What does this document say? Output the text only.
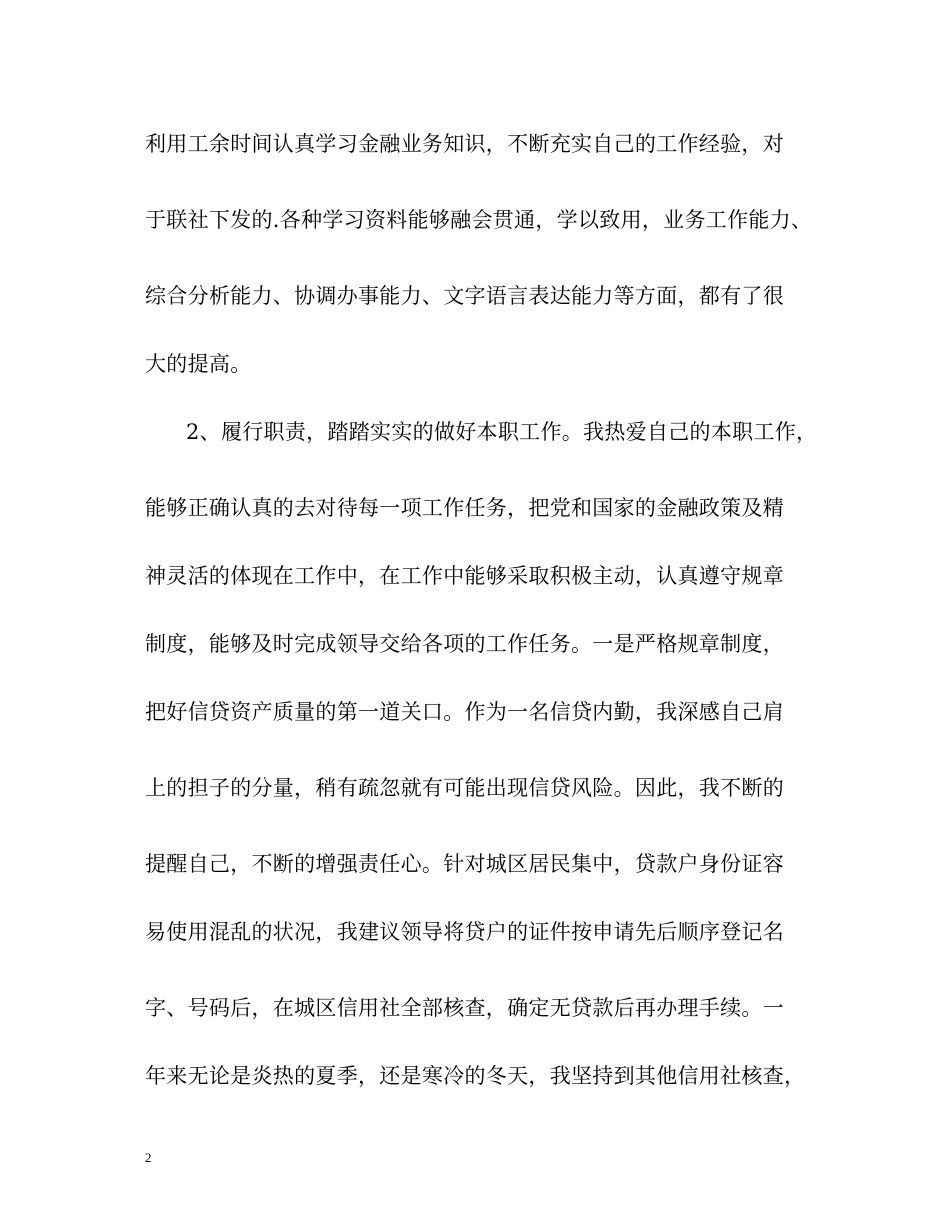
利用工余时间认真学习金融业务知识，不断充实自己的工作经验，对
于联社下发的.各种学习资料能够融会贯通，学以致用，业务工作能力、
综合分析能力、协调办事能力、文字语言表达能力等方面，都有了很
大的提高。
2、履行职责，踏踏实实的做好本职工作。我热爱自己的本职工作，
能够正确认真的去对待每一项工作任务，把党和国家的金融政策及精
神灵活的体现在工作中，在工作中能够采取积极主动，认真遵守规章
制度，能够及时完成领导交给各项的工作任务。一是严格规章制度，
把好信贷资产质量的第一道关口。作为一名信贷内勤，我深感自己肩
上的担子的分量，稍有疏忽就有可能出现信贷风险。因此，我不断的
提醒自己，不断的增强责任心。针对城区居民集中，贷款户身份证容
易使用混乱的状况，我建议领导将贷户的证件按申请先后顺序登记名
字、号码后，在城区信用社全部核查，确定无贷款后再办理手续。一
年来无论是炎热的夏季，还是寒冷的冬天，我坚持到其他信用社核查，
2
